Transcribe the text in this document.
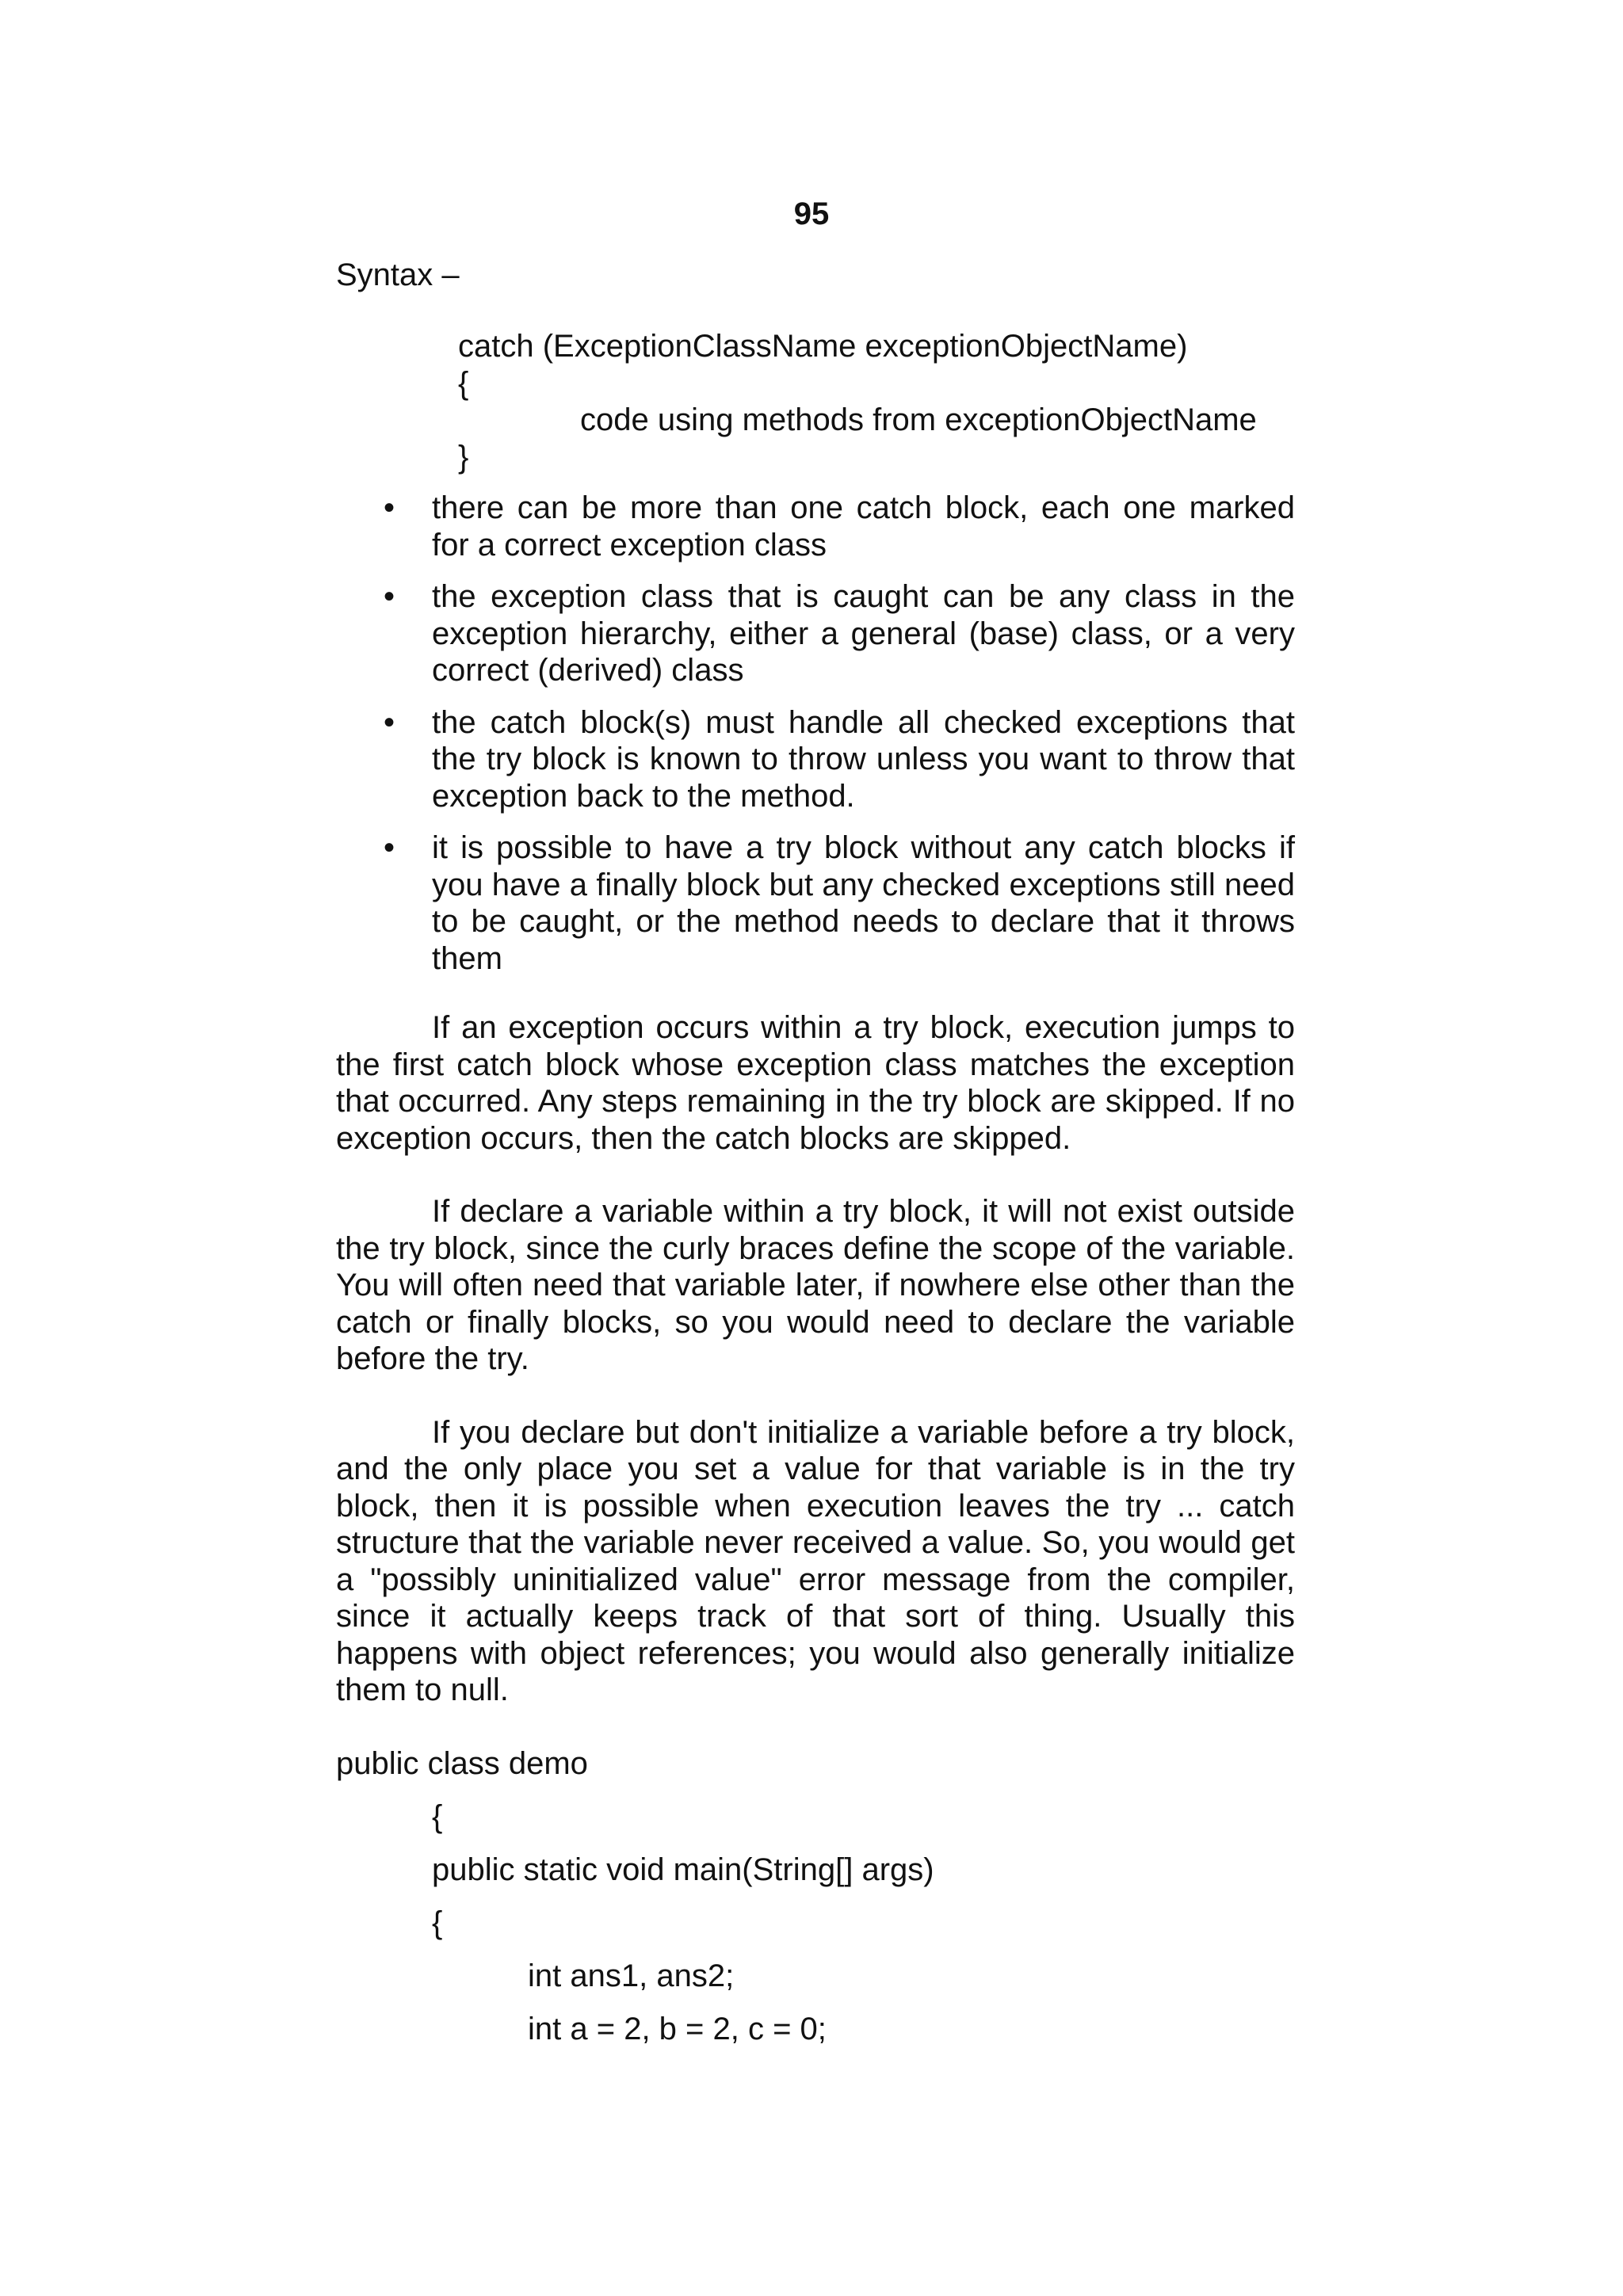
95
Syntax –
catch (ExceptionClassName exceptionObjectName)
{
code using methods from exceptionObjectName
}
• there can be more than one catch block, each one marked for a correct exception class
• the exception class that is caught can be any class in the exception hierarchy, either a general (base) class, or a very correct (derived) class
• the catch block(s) must handle all checked exceptions that the try block is known to throw unless you want to throw that exception back to the method.
• it is possible to have a try block without any catch blocks if you have a finally block but any checked exceptions still need to be caught, or the method needs to declare that it throws them

If an exception occurs within a try block, execution jumps to the first catch block whose exception class matches the exception that occurred. Any steps remaining in the try block are skipped. If no exception occurs, then the catch blocks are skipped.

If declare a variable within a try block, it will not exist outside the try block, since the curly braces define the scope of the variable. You will often need that variable later, if nowhere else other than the catch or finally blocks, so you would need to declare the variable before the try.

If you declare but don't initialize a variable before a try block, and the only place you set a value for that variable is in the try block, then it is possible when execution leaves the try ... catch structure that the variable never received a value. So, you would get a "possibly uninitialized value" error message from the compiler, since it actually keeps track of that sort of thing. Usually this happens with object references; you would also generally initialize them to null.

public class demo
{
public static void main(String[] args)
{
int ans1, ans2;
int a = 2, b = 2, c = 0;
